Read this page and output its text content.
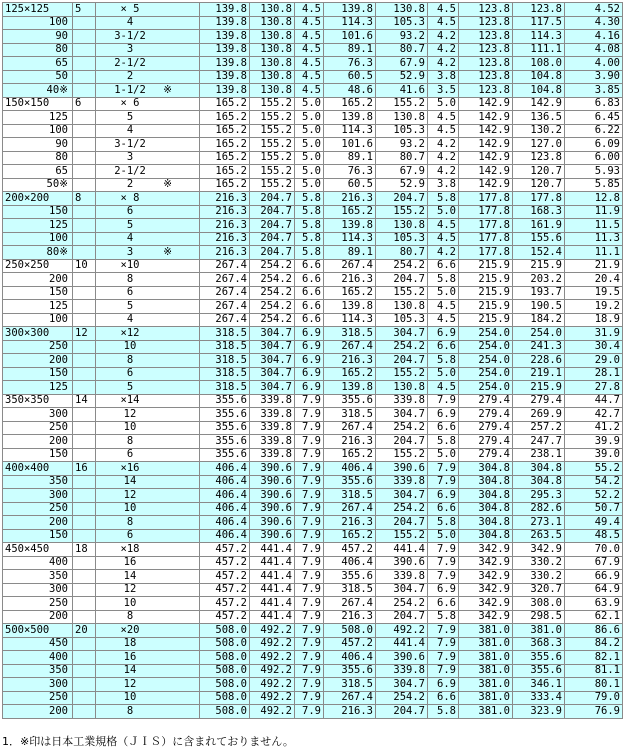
125×125	5	× 5	139.8	130.8	4.5	139.8	130.8	4.5	123.8	123.8	4.52
100		4	139.8	130.8	4.5	114.3	105.3	4.5	123.8	117.5	4.30
90		3-1/2	139.8	130.8	4.5	101.6	93.2	4.2	123.8	114.3	4.16
80		3	139.8	130.8	4.5	89.1	80.7	4.2	123.8	111.1	4.08
65		2-1/2	139.8	130.8	4.5	76.3	67.9	4.2	123.8	108.0	4.00
50		2	139.8	130.8	4.5	60.5	52.9	3.8	123.8	104.8	3.90
40※		1-1/2 ※	139.8	130.8	4.5	48.6	41.6	3.5	123.8	104.8	3.85
150×150	6	× 6	165.2	155.2	5.0	165.2	155.2	5.0	142.9	142.9	6.83
125		5	165.2	155.2	5.0	139.8	130.8	4.5	142.9	136.5	6.45
100		4	165.2	155.2	5.0	114.3	105.3	4.5	142.9	130.2	6.22
90		3-1/2	165.2	155.2	5.0	101.6	93.2	4.2	142.9	127.0	6.09
80		3	165.2	155.2	5.0	89.1	80.7	4.2	142.9	123.8	6.00
65		2-1/2	165.2	155.2	5.0	76.3	67.9	4.2	142.9	120.7	5.93
50※		2 ※	165.2	155.2	5.0	60.5	52.9	3.8	142.9	120.7	5.85
200×200	8	× 8	216.3	204.7	5.8	216.3	204.7	5.8	177.8	177.8	12.8
150		6	216.3	204.7	5.8	165.2	155.2	5.0	177.8	168.3	11.9
125		5	216.3	204.7	5.8	139.8	130.8	4.5	177.8	161.9	11.5
100		4	216.3	204.7	5.8	114.3	105.3	4.5	177.8	155.6	11.3
80※		3 ※	216.3	204.7	5.8	89.1	80.7	4.2	177.8	152.4	11.1
250×250	10	×10	267.4	254.2	6.6	267.4	254.2	6.6	215.9	215.9	21.9
200		8	267.4	254.2	6.6	216.3	204.7	5.8	215.9	203.2	20.4
150		6	267.4	254.2	6.6	165.2	155.2	5.0	215.9	193.7	19.5
125		5	267.4	254.2	6.6	139.8	130.8	4.5	215.9	190.5	19.2
100		4	267.4	254.2	6.6	114.3	105.3	4.5	215.9	184.2	18.9
300×300	12	×12	318.5	304.7	6.9	318.5	304.7	6.9	254.0	254.0	31.9
250		10	318.5	304.7	6.9	267.4	254.2	6.6	254.0	241.3	30.4
200		8	318.5	304.7	6.9	216.3	204.7	5.8	254.0	228.6	29.0
150		6	318.5	304.7	6.9	165.2	155.2	5.0	254.0	219.1	28.1
125		5	318.5	304.7	6.9	139.8	130.8	4.5	254.0	215.9	27.8
350×350	14	×14	355.6	339.8	7.9	355.6	339.8	7.9	279.4	279.4	44.7
300		12	355.6	339.8	7.9	318.5	304.7	6.9	279.4	269.9	42.7
250		10	355.6	339.8	7.9	267.4	254.2	6.6	279.4	257.2	41.2
200		8	355.6	339.8	7.9	216.3	204.7	5.8	279.4	247.7	39.9
150		6	355.6	339.8	7.9	165.2	155.2	5.0	279.4	238.1	39.0
400×400	16	×16	406.4	390.6	7.9	406.4	390.6	7.9	304.8	304.8	55.2
350		14	406.4	390.6	7.9	355.6	339.8	7.9	304.8	304.8	54.2
300		12	406.4	390.6	7.9	318.5	304.7	6.9	304.8	295.3	52.2
250		10	406.4	390.6	7.9	267.4	254.2	6.6	304.8	282.6	50.7
200		8	406.4	390.6	7.9	216.3	204.7	5.8	304.8	273.1	49.4
150		6	406.4	390.6	7.9	165.2	155.2	5.0	304.8	263.5	48.5
450×450	18	×18	457.2	441.4	7.9	457.2	441.4	7.9	342.9	342.9	70.0
400		16	457.2	441.4	7.9	406.4	390.6	7.9	342.9	330.2	67.9
350		14	457.2	441.4	7.9	355.6	339.8	7.9	342.9	330.2	66.9
300		12	457.2	441.4	7.9	318.5	304.7	6.9	342.9	320.7	64.9
250		10	457.2	441.4	7.9	267.4	254.2	6.6	342.9	308.0	63.9
200		8	457.2	441.4	7.9	216.3	204.7	5.8	342.9	298.5	62.1
500×500	20	×20	508.0	492.2	7.9	508.0	492.2	7.9	381.0	381.0	86.6
450		18	508.0	492.2	7.9	457.2	441.4	7.9	381.0	368.3	84.2
400		16	508.0	492.2	7.9	406.4	390.6	7.9	381.0	355.6	82.1
350		14	508.0	492.2	7.9	355.6	339.8	7.9	381.0	355.6	81.1
300		12	508.0	492.2	7.9	318.5	304.7	6.9	381.0	346.1	80.1
250		10	508.0	492.2	7.9	267.4	254.2	6.6	381.0	333.4	79.0
200		8	508.0	492.2	7.9	216.3	204.7	5.8	381.0	323.9	76.9
1．※印は日本工業規格（ＪＩＳ）に含まれておりません。
